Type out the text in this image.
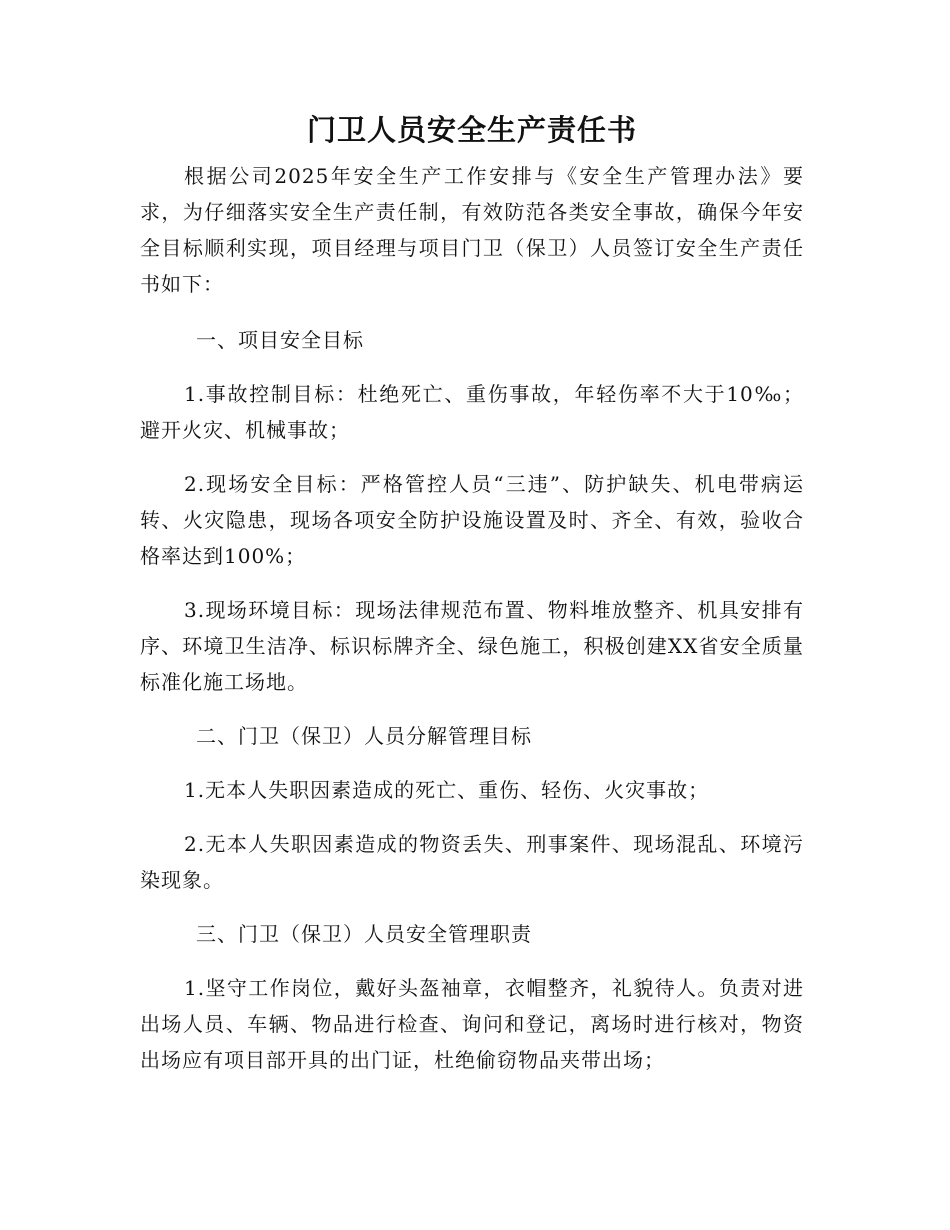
门卫人员安全生产责任书

根据公司2025年安全生产工作安排与《安全生产管理办法》要求，为仔细落实安全生产责任制，有效防范各类安全事故，确保今年安全目标顺利实现，项目经理与项目门卫（保卫）人员签订安全生产责任书如下：

一、项目安全目标

1.事故控制目标：杜绝死亡、重伤事故，年轻伤率不大于10‰；避开火灾、机械事故；

2.现场安全目标：严格管控人员“三违”、防护缺失、机电带病运转、火灾隐患，现场各项安全防护设施设置及时、齐全、有效，验收合格率达到100%；

3.现场环境目标：现场法律规范布置、物料堆放整齐、机具安排有序、环境卫生洁净、标识标牌齐全、绿色施工，积极创建XX省安全质量标准化施工场地。

二、门卫（保卫）人员分解管理目标

1.无本人失职因素造成的死亡、重伤、轻伤、火灾事故；

2.无本人失职因素造成的物资丢失、刑事案件、现场混乱、环境污染现象。

三、门卫（保卫）人员安全管理职责

1.坚守工作岗位，戴好头盔袖章，衣帽整齐，礼貌待人。负责对进出场人员、车辆、物品进行检查、询问和登记，离场时进行核对，物资出场应有项目部开具的出门证，杜绝偷窃物品夹带出场；
